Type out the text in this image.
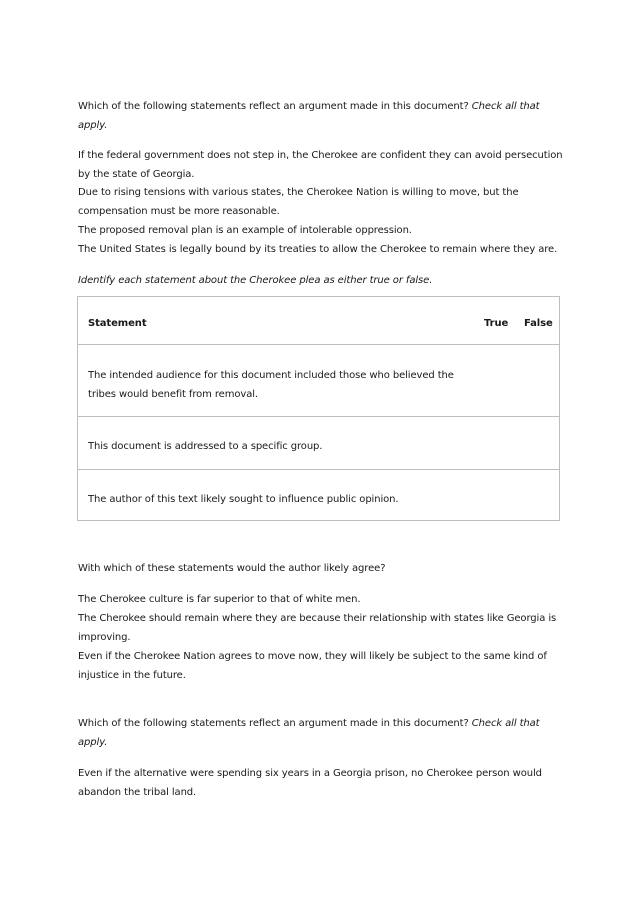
Which of the following statements reflect an argument made in this document? Check all that
apply.
If the federal government does not step in, the Cherokee are confident they can avoid persecution
by the state of Georgia.
Due to rising tensions with various states, the Cherokee Nation is willing to move, but the
compensation must be more reasonable.
The proposed removal plan is an example of intolerable oppression.
The United States is legally bound by its treaties to allow the Cherokee to remain where they are.
Identify each statement about the Cherokee plea as either true or false.
Statement	True False
The intended audience for this document included those who believed the
tribes would benefit from removal.
This document is addressed to a specific group.
The author of this text likely sought to influence public opinion.
With which of these statements would the author likely agree?
The Cherokee culture is far superior to that of white men.
The Cherokee should remain where they are because their relationship with states like Georgia is
improving.
Even if the Cherokee Nation agrees to move now, they will likely be subject to the same kind of
injustice in the future.
Which of the following statements reflect an argument made in this document? Check all that
apply.
Even if the alternative were spending six years in a Georgia prison, no Cherokee person would
abandon the tribal land.
